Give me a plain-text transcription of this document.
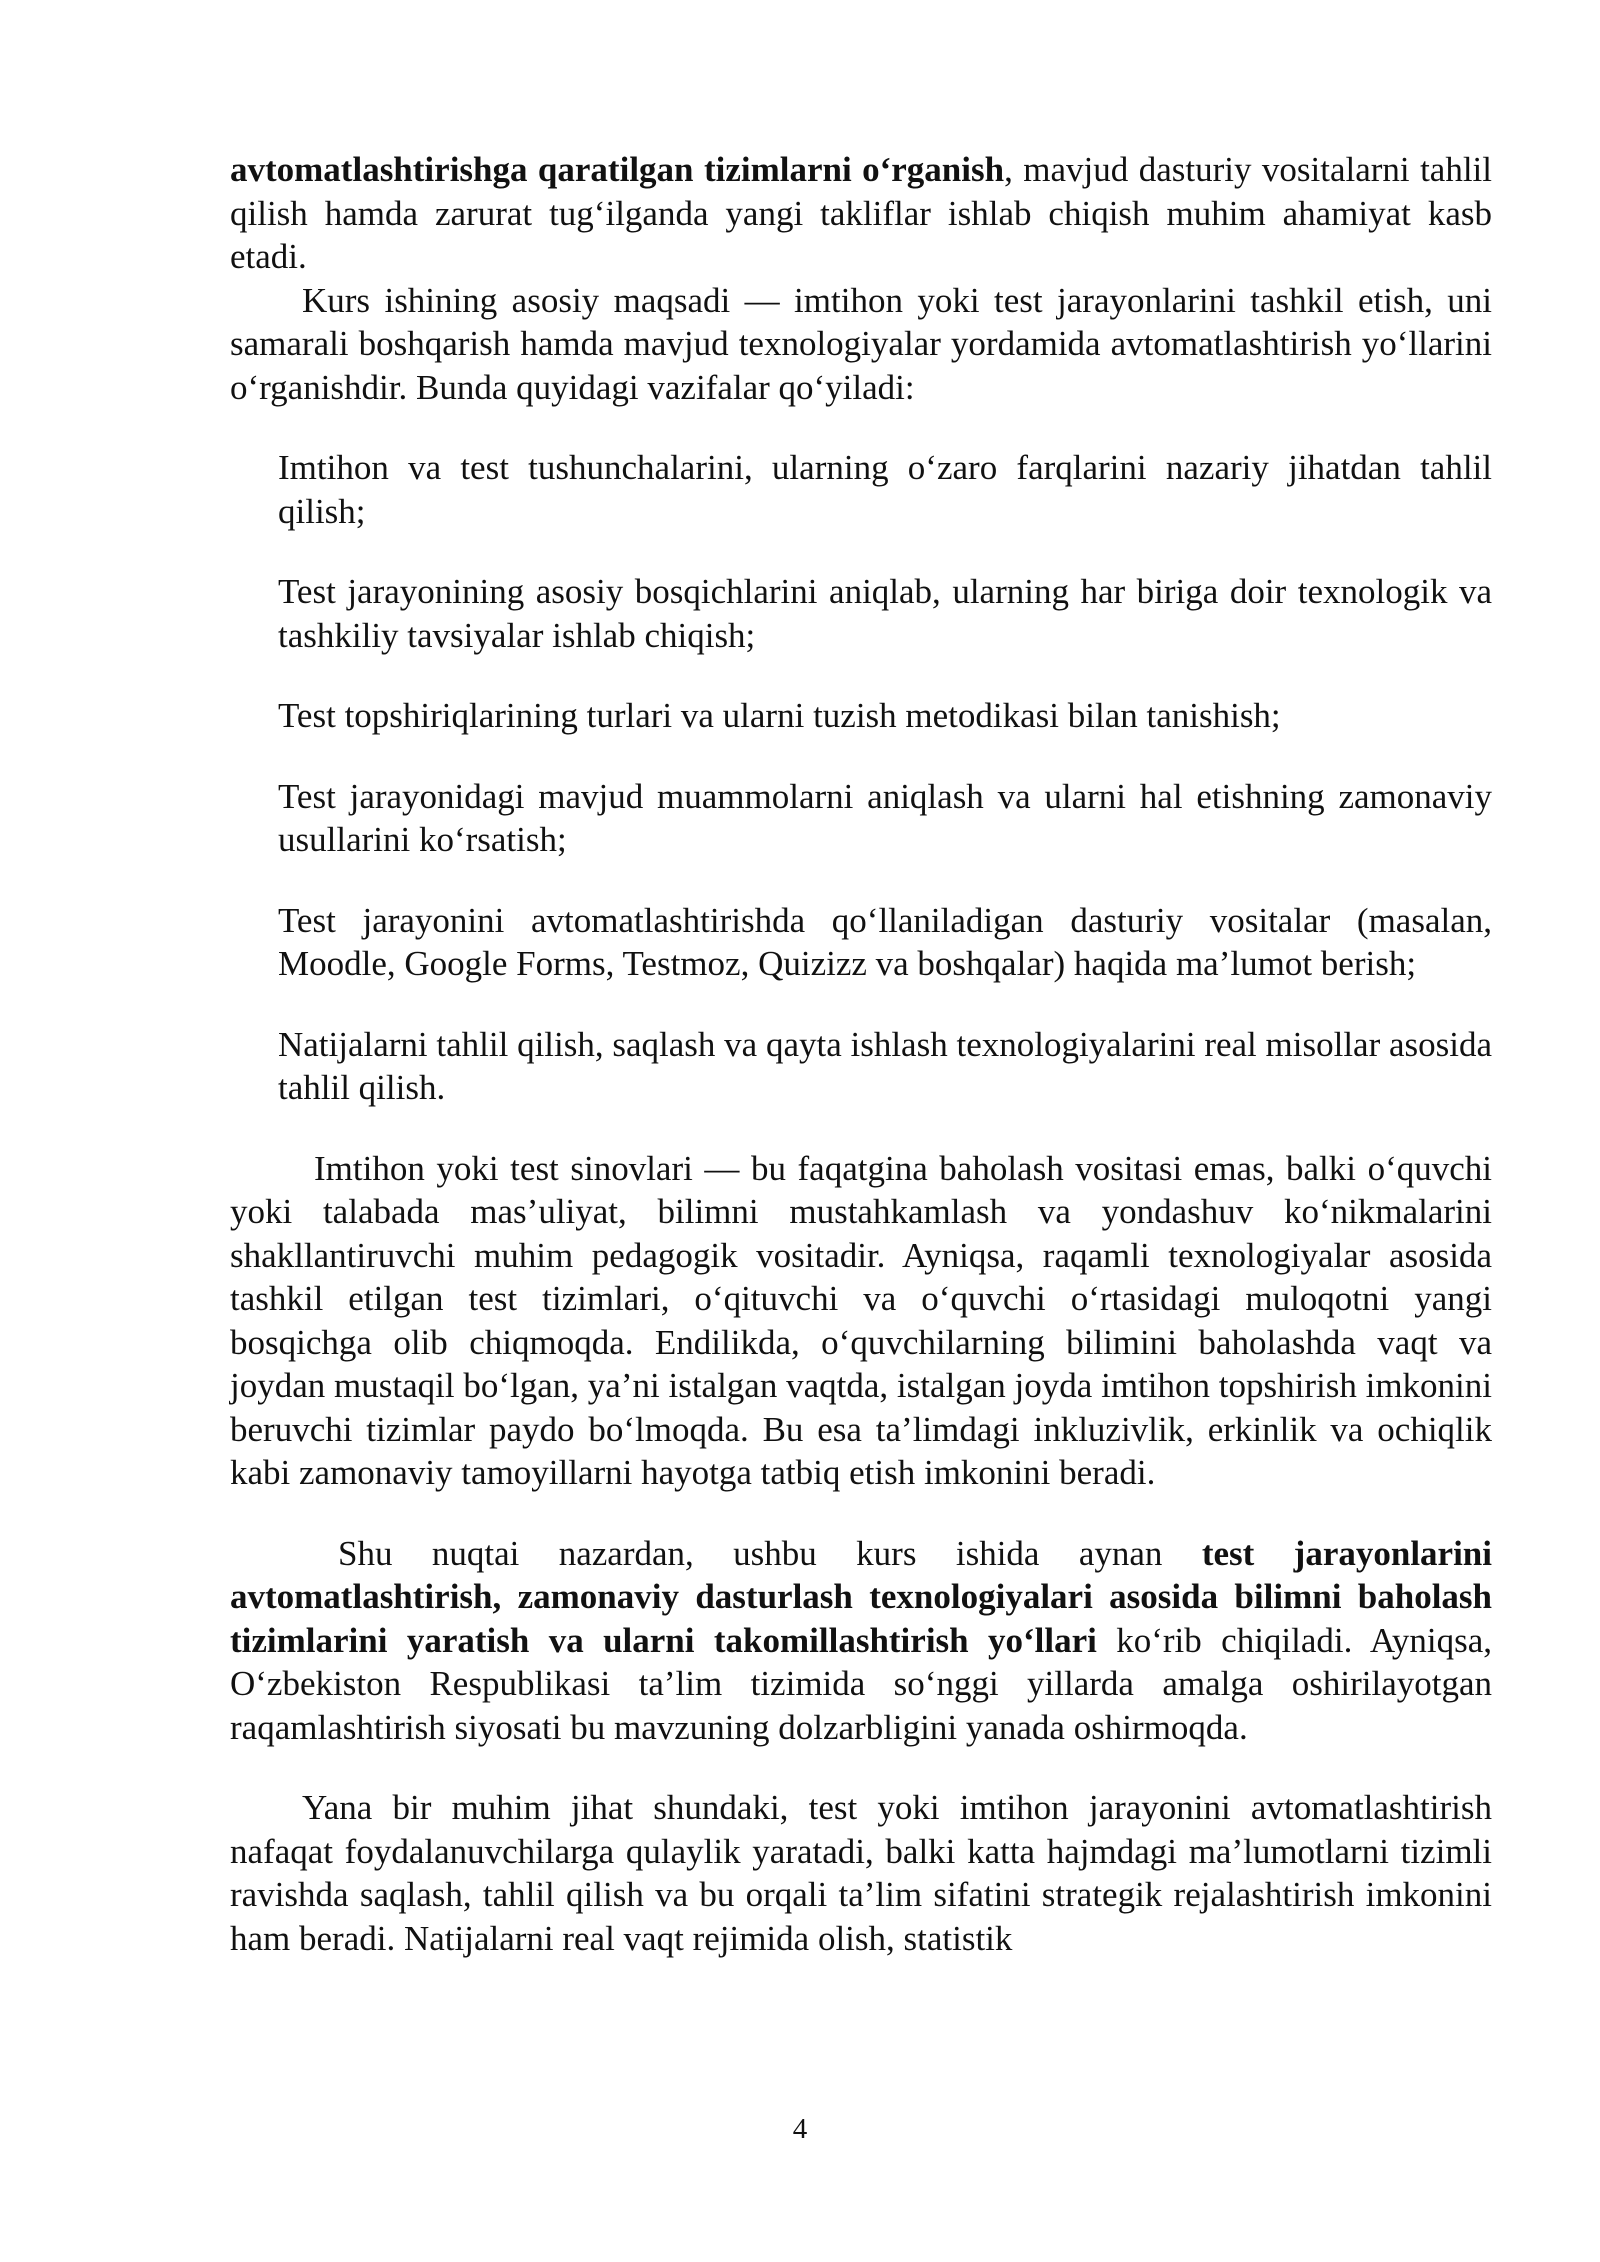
avtomatlashtirishga qaratilgan tizimlarni o‘rganish, mavjud dasturiy vositalarni tahlil qilish hamda zarurat tug‘ilganda yangi takliflar ishlab chiqish muhim ahamiyat kasb etadi.

Kurs ishining asosiy maqsadi — imtihon yoki test jarayonlarini tashkil etish, uni samarali boshqarish hamda mavjud texnologiyalar yordamida avtomatlashtirish yo‘llarini o‘rganishdir. Bunda quyidagi vazifalar qo‘yiladi:

Imtihon va test tushunchalarini, ularning o‘zaro farqlarini nazariy jihatdan tahlil qilish;
Test jarayonining asosiy bosqichlarini aniqlab, ularning har biriga doir texnologik va tashkiliy tavsiyalar ishlab chiqish;
Test topshiriqlarining turlari va ularni tuzish metodikasi bilan tanishish;
Test jarayonidagi mavjud muammolarni aniqlash va ularni hal etishning zamonaviy usullarini ko‘rsatish;
Test jarayonini avtomatlashtirishda qo‘llaniladigan dasturiy vositalar (masalan, Moodle, Google Forms, Testmoz, Quizizz va boshqalar) haqida ma’lumot berish;
Natijalarni tahlil qilish, saqlash va qayta ishlash texnologiyalarini real misollar asosida tahlil qilish.

Imtihon yoki test sinovlari — bu faqatgina baholash vositasi emas, balki o‘quvchi yoki talabada mas’uliyat, bilimni mustahkamlash va yondashuv ko‘nikmalarini shakllantiruvchi muhim pedagogik vositadir. Ayniqsa, raqamli texnologiyalar asosida tashkil etilgan test tizimlari, o‘qituvchi va o‘quvchi o‘rtasidagi muloqotni yangi bosqichga olib chiqmoqda. Endilikda, o‘quvchilarning bilimini baholashda vaqt va joydan mustaqil bo‘lgan, ya’ni istalgan vaqtda, istalgan joyda imtihon topshirish imkonini beruvchi tizimlar paydo bo‘lmoqda. Bu esa ta’limdagi inkluzivlik, erkinlik va ochiqlik kabi zamonaviy tamoyillarni hayotga tatbiq etish imkonini beradi.

Shu nuqtai nazardan, ushbu kurs ishida aynan test jarayonlarini avtomatlashtirish, zamonaviy dasturlash texnologiyalari asosida bilimni baholash tizimlarini yaratish va ularni takomillashtirish yo‘llari ko‘rib chiqiladi. Ayniqsa, O‘zbekiston Respublikasi ta’lim tizimida so‘nggi yillarda amalga oshirilayotgan raqamlashtirish siyosati bu mavzuning dolzarbligini yanada oshirmoqda.

Yana bir muhim jihat shundaki, test yoki imtihon jarayonini avtomatlashtirish nafaqat foydalanuvchilarga qulaylik yaratadi, balki katta hajmdagi ma’lumotlarni tizimli ravishda saqlash, tahlil qilish va bu orqali ta’lim sifatini strategik rejalashtirish imkonini ham beradi. Natijalarni real vaqt rejimida olish, statistik

4
